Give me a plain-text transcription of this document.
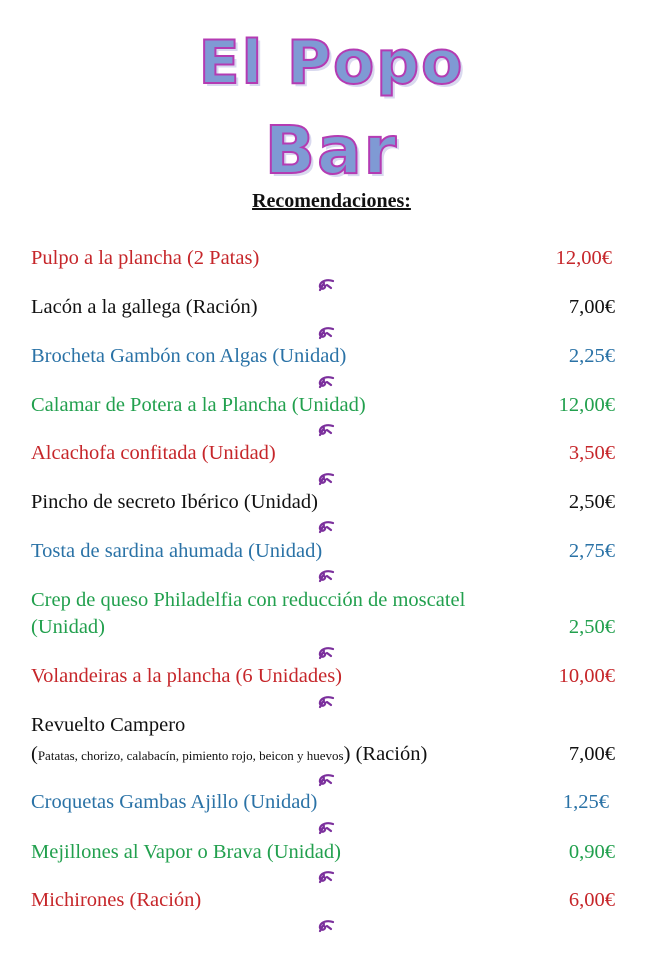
El Popo
Bar
Recomendaciones:
Pulpo a la plancha (2 Patas)	12,00€
Lacón a la gallega (Ración)	7,00€
Brocheta Gambón con Algas (Unidad)	2,25€
Calamar de Potera a la Plancha (Unidad)	12,00€
Alcachofa confitada (Unidad)	3,50€
Pincho de secreto Ibérico (Unidad)	2,50€
Tosta de sardina ahumada (Unidad)	2,75€
Crep de queso Philadelfia con reducción de moscatel
(Unidad)	2,50€
Volandeiras a la plancha (6 Unidades)	10,00€
Revuelto Campero
(Patatas, chorizo, calabacín, pimiento rojo, beicon y huevos) (Ración)	7,00€
Croquetas Gambas Ajillo (Unidad)	1,25€
Mejillones al Vapor o Brava (Unidad)	0,90€
Michirones (Ración)	6,00€
